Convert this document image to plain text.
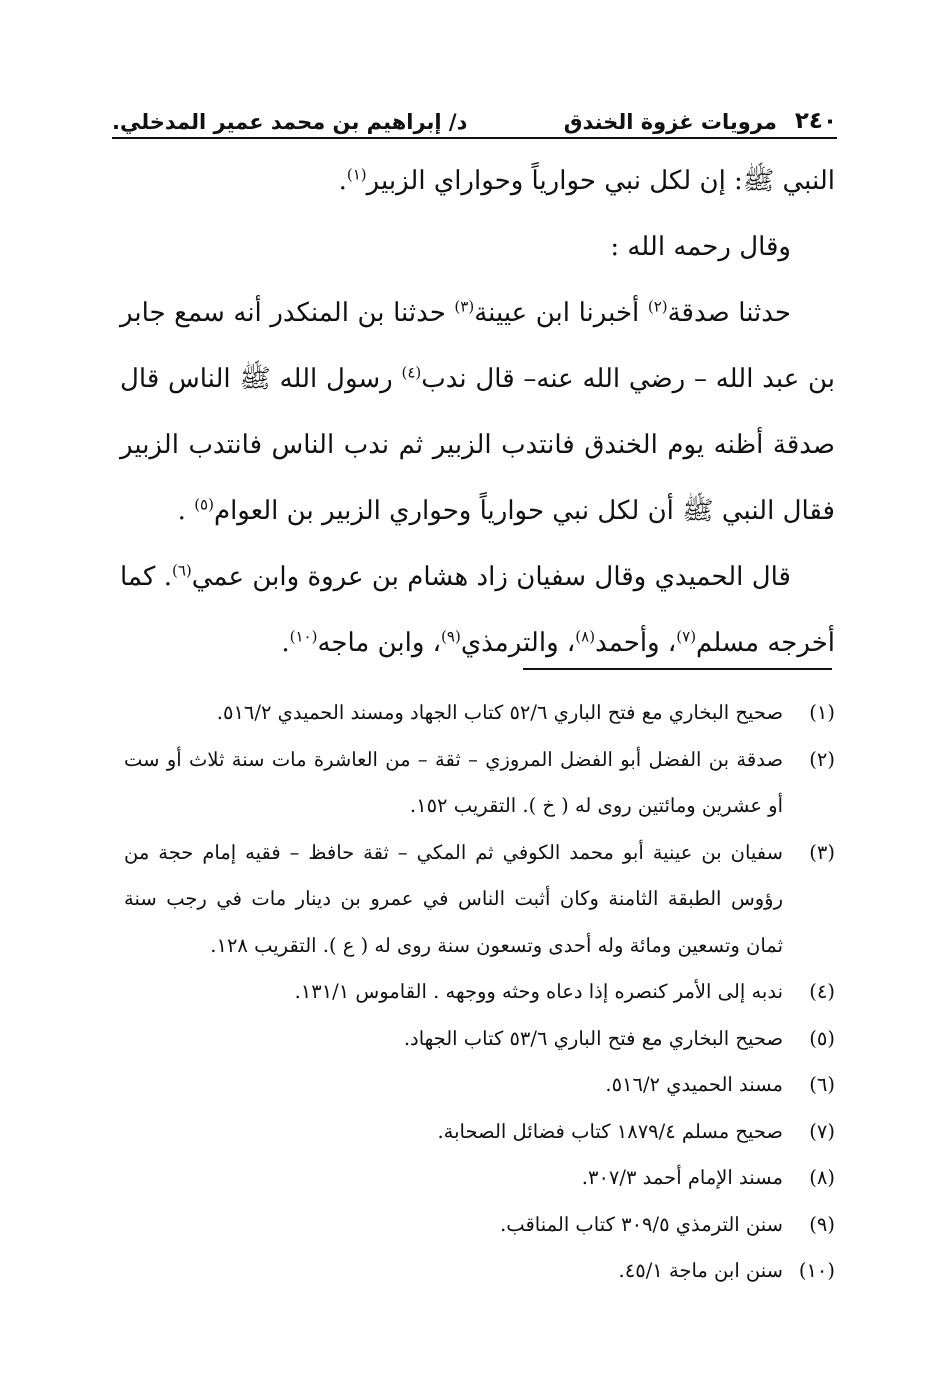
٢٤٠
مرويات غزوة الخندق
د/ إبراهيم بن محمد عمير المدخلي.

النبي ﷺ: إن لكل نبي حوارياً وحواراي الزبير$^{(١)}$.

وقال رحمه الله :

حدثنا صدقة$^{(٢)}$ أخبرنا ابن عيينة$^{(٣)}$ حدثنا بن المنكدر أنه سمع جابر بن عبد الله – رضي الله عنه– قال ندب$^{(٤)}$ رسول الله ﷺ الناس قال صدقة أظنه يوم الخندق فانتدب الزبير ثم ندب الناس فانتدب الزبير فقال النبي ﷺ أن لكل نبي حوارياً وحواري الزبير بن العوام$^{(٥)}$ .

قال الحميدي وقال سفيان زاد هشام بن عروة وابن عمي$^{(٦)}$. كما أخرجه مسلم$^{(٧)}$، وأحمد$^{(٨)}$، والترمذي$^{(٩)}$، وابن ماجه$^{(١٠)}$.

(١)صحيح البخاري مع فتح الباري ٥٢/٦ كتاب الجهاد ومسند الحميدي ٥١٦/٢.

(٢)صدقة بن الفضل أبو الفضل المروزي – ثقة – من العاشرة مات سنة ثلاث أو ست أو عشرين ومائتين روى له ( خ ). التقريب ١٥٢.

(٣)سفيان بن عينية أبو محمد الكوفي ثم المكي – ثقة حافظ – فقيه إمام حجة من رؤوس الطبقة الثامنة وكان أثبت الناس في عمرو بن دينار مات في رجب سنة ثمان وتسعين ومائة وله أحدى وتسعون سنة روى له ( ع ). التقريب ١٢٨.

(٤)ندبه إلى الأمر كنصره إذا دعاه وحثه ووجهه . القاموس ١٣١/١.

(٥)صحيح البخاري مع فتح الباري ٥٣/٦ كتاب الجهاد.

(٦)مسند الحميدي ٥١٦/٢.

(٧)صحيح مسلم ١٨٧٩/٤ كتاب فضائل الصحابة.

(٨)مسند الإمام أحمد ٣٠٧/٣.

(٩)سنن الترمذي ٣٠٩/٥ كتاب المناقب.

(١٠)سنن ابن ماجة ٤٥/١.
